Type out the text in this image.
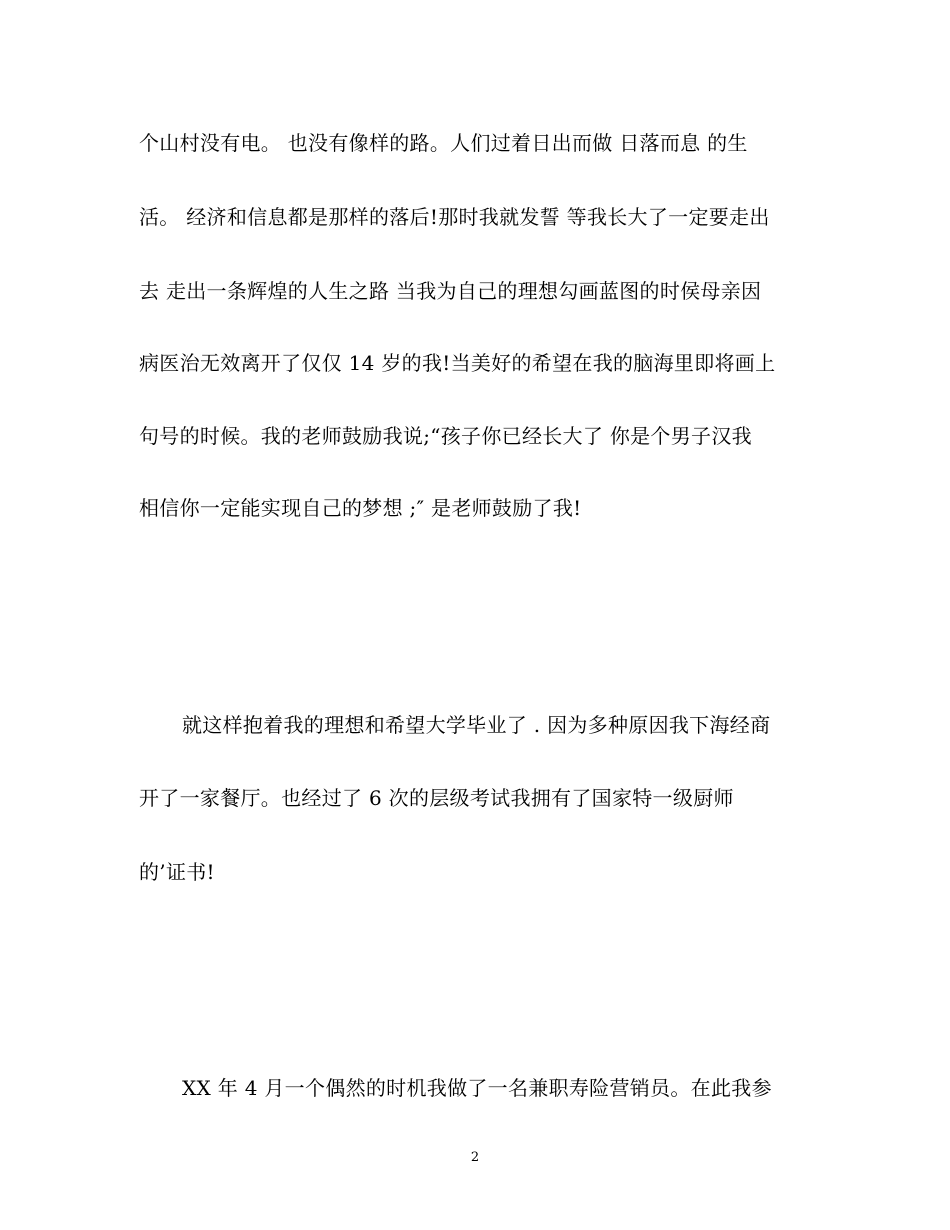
个山村没有电。 也没有像样的路。人们过着日出而做 日落而息 的生
活。 经济和信息都是那样的落后!那时我就发誓 等我长大了一定要走出
去 走出一条辉煌的人生之路 当我为自己的理想勾画蓝图的时侯母亲因
病医治无效离开了仅仅 14 岁的我!当美好的希望在我的脑海里即将画上
句号的时候。我的老师鼓励我说;“孩子你已经长大了 你是个男子汉我
相信你一定能实现自己的梦想 ;″ 是老师鼓励了我!
就这样抱着我的理想和希望大学毕业了 . 因为多种原因我下海经商
开了一家餐厅。也经过了 6 次的层级考试我拥有了国家特一级厨师
的’证书!
XX 年 4 月一个偶然的时机我做了一名兼职寿险营销员。在此我参
2
